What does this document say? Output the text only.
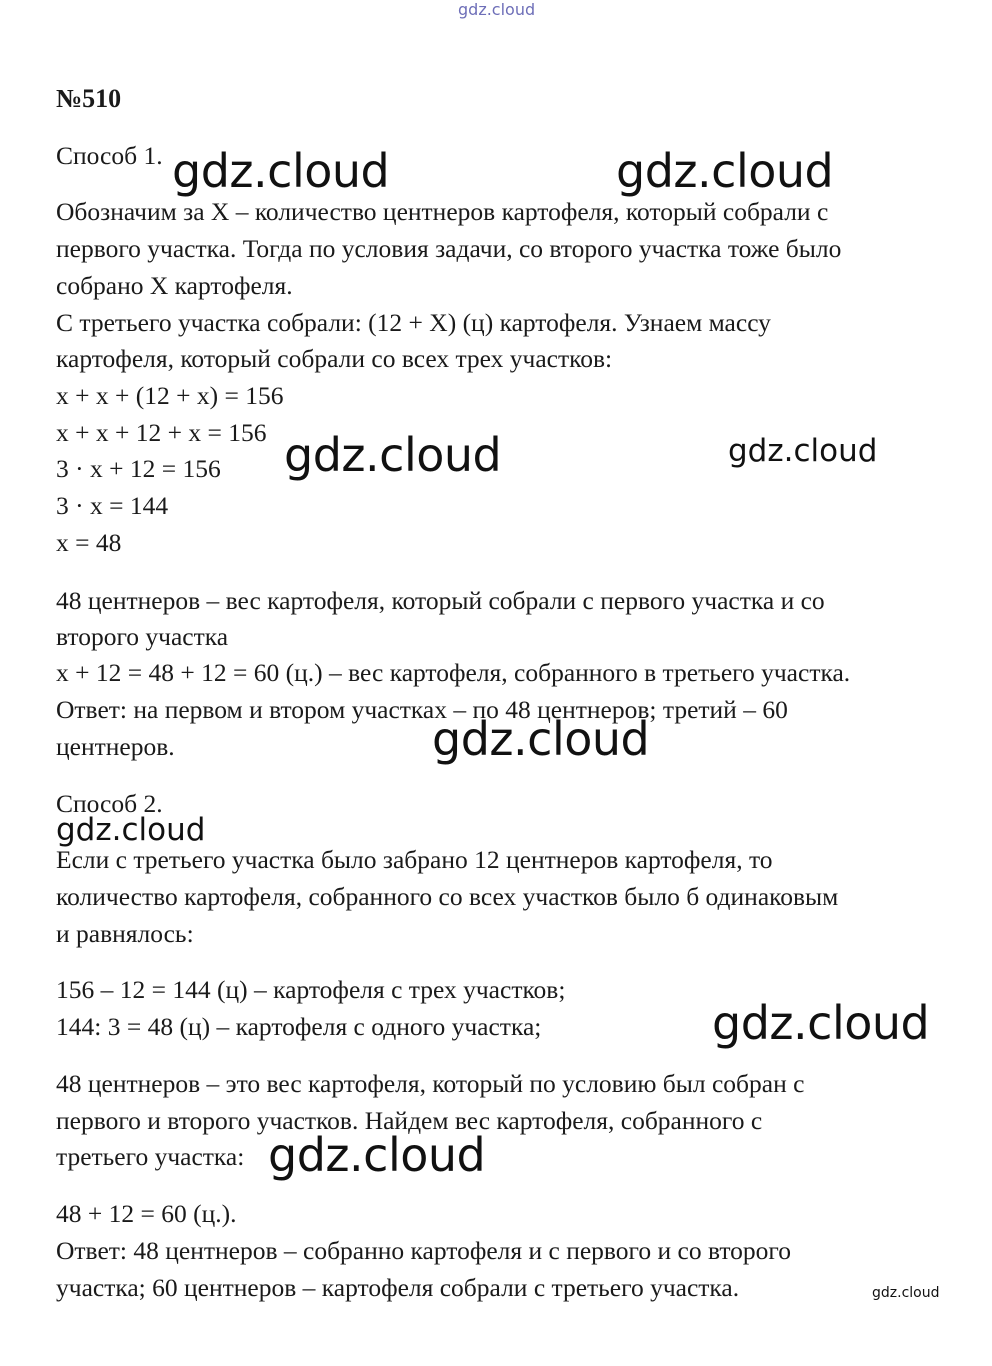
gdz.cloud
№510
Способ 1.
Обозначим за X – количество центнеров картофеля, который собрали с
первого участка. Тогда по условия задачи, со второго участка тоже было
собрано X картофеля.
С третьего участка собрали: (12 + X) (ц) картофеля. Узнаем массу
картофеля, который собрали со всех трех участков:
x + x + (12 + x) = 156
x + x + 12 + x = 156
3 · x + 12 = 156
3 · x = 144
x = 48
48 центнеров – вес картофеля, который собрали с первого участка и со
второго участка
x + 12 = 48 + 12 = 60 (ц.) – вес картофеля, собранного в третьего участка.
Ответ: на первом и втором участках – по 48 центнеров; третий – 60
центнеров.
Способ 2.
Если с третьего участка было забрано 12 центнеров картофеля, то
количество картофеля, собранного со всех участков было б одинаковым
и равнялось:
156 – 12 = 144 (ц) – картофеля с трех участков;
144: 3 = 48 (ц) – картофеля с одного участка;
48 центнеров – это вес картофеля, который по условию был собран с
первого и второго участков. Найдем вес картофеля, собранного с
третьего участка:
48 + 12 = 60 (ц.).
Ответ: 48 центнеров – собранно картофеля и с первого и со второго
участка; 60 центнеров – картофеля собрали с третьего участка.
gdz.cloud	gdz.cloud
gdz.cloud	gdz.cloud
gdz.cloud
gdz.cloud
gdz.cloud
gdz.cloud
gdz.cloud
